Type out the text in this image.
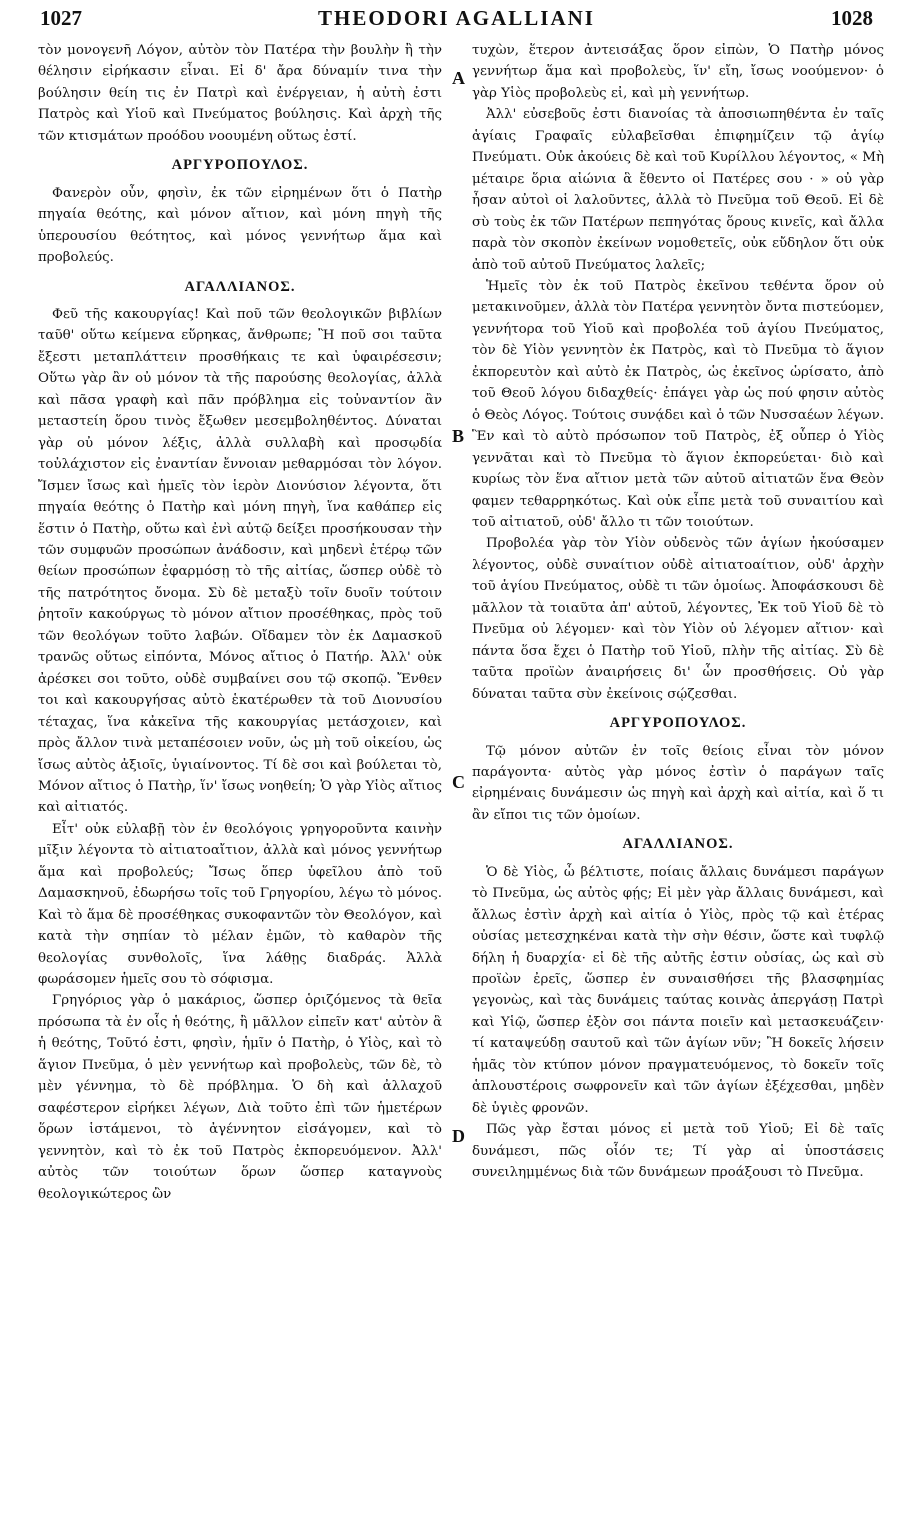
1027	THEODORI AGALLIANI	1028
A
B
C
D

τὸν μονογενῆ Λόγον, αὐτὸν τὸν Πατέρα τὴν βουλὴν ἢ τὴν θέλησιν εἰρήκασιν εἶναι. Εἰ δ' ἄρα δύναμίν τινα τὴν βούλησιν θείη τις ἐν Πατρὶ καὶ ἐνέργειαν, ἡ αὐτὴ ἐστι Πατρὸς καὶ Υἱοῦ καὶ Πνεύματος βούλησις. Καὶ ἀρχὴ τῆς τῶν κτισμάτων προόδου νοουμένη οὕτως ἐστί.

ΑΡΓΥΡΟΠΟΥΛΟΣ.

Φανερὸν οὖν, φησὶν, ἐκ τῶν εἰρημένων ὅτι ὁ Πατὴρ πηγαία θεότης, καὶ μόνον αἴτιον, καὶ μόνη πηγὴ τῆς ὑπερουσίου θεότητος, καὶ μόνος γεννήτωρ ἅμα καὶ προβολεύς.

ΑΓΑΛΛΙΑΝΟΣ.

Φεῦ τῆς κακουργίας! Καὶ ποῦ τῶν θεολογικῶν βιβλίων ταῦθ' οὕτω κείμενα εὕρηκας, ἄνθρωπε; Ἢ ποῦ σοι ταῦτα ἔξεστι μεταπλάττειν προσθήκαις τε καὶ ὑφαιρέσεσιν; Οὕτω γὰρ ἂν οὐ μόνον τὰ τῆς παρούσης θεολογίας, ἀλλὰ καὶ πᾶσα γραφὴ καὶ πᾶν πρόβλημα εἰς τοὐναντίον ἂν μεταστείη ὅρου τινὸς ἔξωθεν μεσεμβοληθέντος. Δύναται γὰρ οὐ μόνον λέξις, ἀλλὰ συλλαβὴ καὶ προσῳδία τοὐλάχιστον εἰς ἐναντίαν ἔννοιαν μεθαρμόσαι τὸν λόγον. Ἴσμεν ἴσως καὶ ἡμεῖς τὸν ἱερὸν Διονύσιον λέγοντα, ὅτι πηγαία θεότης ὁ Πατὴρ καὶ μόνη πηγὴ, ἵνα καθάπερ εἰς ἕστιν ὁ Πατὴρ, οὕτω καὶ ἐνὶ αὐτῷ δείξει προσήκουσαν τὴν τῶν συμφυῶν προσώπων ἀνάδοσιν, καὶ μηδενὶ ἑτέρῳ τῶν θείων προσώπων ἐφαρμόσῃ τὸ τῆς αἰτίας, ὥσπερ οὐδὲ τὸ τῆς πατρότητος ὄνομα. Σὺ δὲ μεταξὺ τοῖν δυοῖν τούτοιν ῥητοῖν κακούργως τὸ μόνον αἴτιον προσέθηκας, πρὸς τοῦ τῶν θεολόγων τοῦτο λαβών. Οἴδαμεν τὸν ἐκ Δαμασκοῦ τρανῶς οὕτως εἰπόντα, Μόνος αἴτιος ὁ Πατήρ. Ἀλλ' οὐκ ἀρέσκει σοι τοῦτο, οὐδὲ συμβαίνει σου τῷ σκοπῷ. Ἔνθεν τοι καὶ κακουργήσας αὐτὸ ἑκατέρωθεν τὰ τοῦ Διονυσίου τέταχας, ἵνα κἀκεῖνα τῆς κακουργίας μετάσχοιεν, καὶ πρὸς ἄλλον τινὰ μεταπέσοιεν νοῦν, ὡς μὴ τοῦ οἰκείου, ὡς ἴσως αὐτὸς ἀξιοῖς, ὑγιαίνοντος. Τί δὲ σοι καὶ βούλεται τὸ, Μόνον αἴτιος ὁ Πατὴρ, ἵν' ἴσως νοηθείη; Ὁ γὰρ Υἱὸς αἴτιος καὶ αἰτιατός.

Εἶτ' οὐκ εὐλαβῇ τὸν ἐν θεολόγοις γρηγοροῦντα καινὴν μῖξιν λέγοντα τὸ αἰτιατοαἴτιον, ἀλλὰ καὶ μόνος γεννήτωρ ἅμα καὶ προβολεύς; Ἴσως ὅπερ ὑφεῖλου ἀπὸ τοῦ Δαμασκηνοῦ, ἐδωρήσω τοῖς τοῦ Γρηγορίου, λέγω τὸ μόνος. Καὶ τὸ ἅμα δὲ προσέθηκας συκοφαντῶν τὸν Θεολόγον, καὶ κατὰ τὴν σηπίαν τὸ μέλαν ἐμῶν, τὸ καθαρὸν τῆς θεολογίας συνθολοῖς, ἵνα λάθῃς διαδράς. Ἀλλὰ φωράσομεν ἡμεῖς σου τὸ σόφισμα.

Γρηγόριος γὰρ ὁ μακάριος, ὥσπερ ὁριζόμενος τὰ θεῖα πρόσωπα τὰ ἐν οἷς ἡ θεότης, ἢ μᾶλλον εἰπεῖν κατ' αὐτὸν ἃ ἡ θεότης, Τοῦτό ἐστι, φησὶν, ἡμῖν ὁ Πατὴρ, ὁ Υἱὸς, καὶ τὸ ἅγιον Πνεῦμα, ὁ μὲν γεννήτωρ καὶ προβολεὺς, τῶν δὲ, τὸ μὲν γέννημα, τὸ δὲ πρόβλημα. Ὁ δὴ καὶ ἀλλαχοῦ σαφέστερον εἰρήκει λέγων, Διὰ τοῦτο ἐπὶ τῶν ἡμετέρων ὅρων ἱστάμενοι, τὸ ἀγέννητον εἰσάγομεν, καὶ τὸ γεννητὸν, καὶ τὸ ἐκ τοῦ Πατρὸς ἐκπορευόμενον. Ἀλλ' αὐτὸς τῶν τοιούτων ὅρων ὥσπερ καταγνοὺς θεολογικώτερος ὢν

τυχὼν, ἕτερον ἀντεισάξας ὅρον εἰπὼν, Ὁ Πατὴρ μόνος γεννήτωρ ἅμα καὶ προβολεὺς, ἵν' εἴη, ἴσως νοούμενον· ὁ γὰρ Υἱὸς προβολεὺς εἰ, καὶ μὴ γεννήτωρ.

Ἀλλ' εὐσεβοῦς ἐστι διανοίας τὰ ἀποσιωπηθέντα ἐν ταῖς ἁγίαις Γραφαῖς εὐλαβεῖσθαι ἐπιφημίζειν τῷ ἁγίῳ Πνεύματι. Οὐκ ἀκούεις δὲ καὶ τοῦ Κυρίλλου λέγοντος, « Μὴ μέταιρε ὅρια αἰώνια ἃ ἔθεντο οἱ Πατέρες σου · » οὐ γὰρ ἦσαν αὐτοὶ οἱ λαλοῦντες, ἀλλὰ τὸ Πνεῦμα τοῦ Θεοῦ. Εἰ δὲ σὺ τοὺς ἐκ τῶν Πατέρων πεπηγότας ὅρους κινεῖς, καὶ ἄλλα παρὰ τὸν σκοπὸν ἐκείνων νομοθετεῖς, οὐκ εὔδηλον ὅτι οὐκ ἀπὸ τοῦ αὐτοῦ Πνεύματος λαλεῖς;

Ἡμεῖς τὸν ἐκ τοῦ Πατρὸς ἐκεῖνου τεθέντα ὅρον οὐ μετακινοῦμεν, ἀλλὰ τὸν Πατέρα γεννητὸν ὄντα πιστεύομεν, γεννήτορα τοῦ Υἱοῦ καὶ προβολέα τοῦ ἁγίου Πνεύματος, τὸν δὲ Υἱὸν γεννητὸν ἐκ Πατρὸς, καὶ τὸ Πνεῦμα τὸ ἅγιον ἐκπορευτὸν καὶ αὐτὸ ἐκ Πατρὸς, ὡς ἐκεῖνος ὡρίσατο, ἀπὸ τοῦ Θεοῦ λόγου διδαχθείς· ἐπάγει γὰρ ὡς πού φησιν αὐτὸς ὁ Θεὸς Λόγος. Τούτοις συνᾴδει καὶ ὁ τῶν Νυσσαέων λέγων. Ἓν καὶ τὸ αὐτὸ πρόσωπον τοῦ Πατρὸς, ἐξ οὗπερ ὁ Υἱὸς γεννᾶται καὶ τὸ Πνεῦμα τὸ ἅγιον ἐκπορεύεται· διὸ καὶ κυρίως τὸν ἕνα αἴτιον μετὰ τῶν αὐτοῦ αἰτιατῶν ἕνα Θεὸν φαμεν τεθαρρηκότως. Καὶ οὐκ εἶπε μετὰ τοῦ συναιτίου καὶ τοῦ αἰτιατοῦ, οὐδ' ἄλλο τι τῶν τοιούτων.

Προβολέα γὰρ τὸν Υἱὸν οὐδενὸς τῶν ἁγίων ἠκούσαμεν λέγοντος, οὐδὲ συναίτιον οὐδὲ αἰτιατοαίτιον, οὐδ' ἀρχὴν τοῦ ἁγίου Πνεύματος, οὐδὲ τι τῶν ὁμοίως. Ἀποφάσκουσι δὲ μᾶλλον τὰ τοιαῦτα ἀπ' αὐτοῦ, λέγοντες, Ἐκ τοῦ Υἱοῦ δὲ τὸ Πνεῦμα οὐ λέγομεν· καὶ τὸν Υἱὸν οὐ λέγομεν αἴτιον· καὶ πάντα ὅσα ἔχει ὁ Πατὴρ τοῦ Υἱοῦ, πλὴν τῆς αἰτίας. Σὺ δὲ ταῦτα προϊὼν ἀναιρήσεις δι' ὧν προσθήσεις. Οὐ γὰρ δύναται ταῦτα σὺν ἐκείνοις σῴζεσθαι.

ΑΡΓΥΡΟΠΟΥΛΟΣ.

Τῷ μόνον αὐτῶν ἐν τοῖς θείοις εἶναι τὸν μόνον παράγοντα· αὐτὸς γὰρ μόνος ἐστὶν ὁ παράγων ταῖς εἰρημέναις δυνάμεσιν ὡς πηγὴ καὶ ἀρχὴ καὶ αἰτία, καὶ ὅ τι ἂν εἴποι τις τῶν ὁμοίων.

ΑΓΑΛΛΙΑΝΟΣ.

Ὁ δὲ Υἱὸς, ὦ βέλτιστε, ποίαις ἄλλαις δυνάμεσι παράγων τὸ Πνεῦμα, ὡς αὐτὸς φῄς; Εἰ μὲν γὰρ ἄλλαις δυνάμεσι, καὶ ἄλλως ἐστὶν ἀρχὴ καὶ αἰτία ὁ Υἱὸς, πρὸς τῷ καὶ ἑτέρας οὐσίας μετεσχηκέναι κατὰ τὴν σὴν θέσιν, ὥστε καὶ τυφλῷ δήλη ἡ δυαρχία· εἰ δὲ τῆς αὐτῆς ἐστιν οὐσίας, ὡς καὶ σὺ προϊὼν ἐρεῖς, ὥσπερ ἐν συναισθήσει τῆς βλασφημίας γεγονὼς, καὶ τὰς δυνάμεις ταύτας κοινὰς ἀπεργάσῃ Πατρὶ καὶ Υἱῷ, ὥσπερ ἐξὸν σοι πάντα ποιεῖν καὶ μετασκευάζειν· τί καταψεύδῃ σαυτοῦ καὶ τῶν ἁγίων νῦν; Ἢ δοκεῖς λήσειν ἡμᾶς τὸν κτύπον μόνον πραγματευόμενος, τὸ δοκεῖν τοῖς ἁπλουστέροις σωφρονεῖν καὶ τῶν ἁγίων ἐξέχεσθαι, μηδὲν δὲ ὑγιὲς φρονῶν.

Πῶς γὰρ ἔσται μόνος εἰ μετὰ τοῦ Υἱοῦ; Εἰ δὲ ταῖς δυνάμεσι, πῶς οἷόν τε; Τί γὰρ αἱ ὑποστάσεις συνειλημμένως διὰ τῶν δυνάμεων προάξουσι τὸ Πνεῦμα.
